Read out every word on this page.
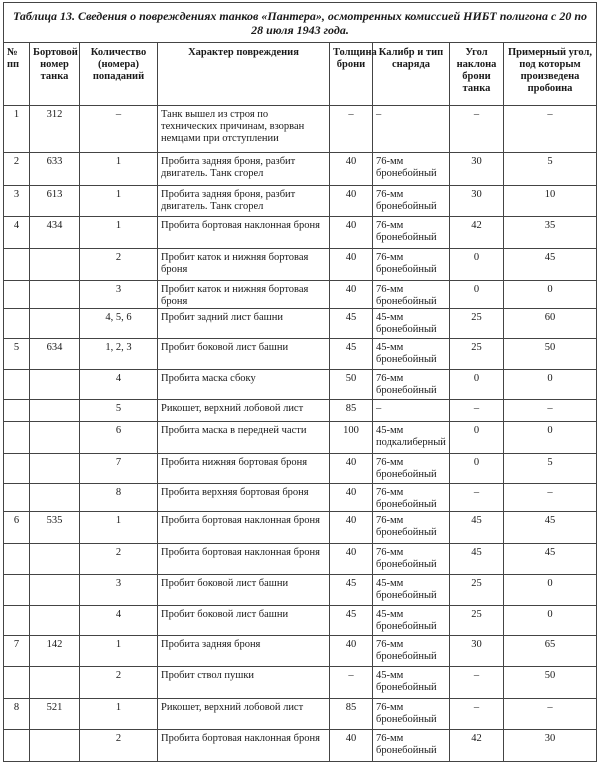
Таблица 13. Сведения о повреждениях танков «Пантера», осмотренных комиссией НИБТ полигона с 20 по 28 июля 1943 года.							
№ пп	Бортовой номер танка	Количество (номера) попаданий	Характер повреждения	Толщина брони	Калибр и тип снаряда	Угол наклона брони танка	Примерный угол, под которым произведена пробоина
1	312	–	Танк вышел из строя по технических причинам, взорван немцами при отступлении	–	–	–	–
2	633	1	Пробита задняя броня, разбит двигатель. Танк сгорел	40	76-мм бронебойный	30	5
3	613	1	Пробита задняя броня, разбит двигатель. Танк сгорел	40	76-мм бронебойный	30	10
4	434	1	Пробита бортовая наклонная броня	40	76-мм бронебойный	42	35
		2	Пробит каток и нижняя бортовая броня	40	76-мм бронебойный	0	45
		3	Пробит каток и нижняя бортовая броня	40	76-мм бронебойный	0	0
		4, 5, 6	Пробит задний лист башни	45	45-мм бронебойный	25	60
5	634	1, 2, 3	Пробит боковой лист башни	45	45-мм бронебойный	25	50
		4	Пробита маска сбоку	50	76-мм бронебойный	0	0
		5	Рикошет, верхний лобовой лист	85	–	–	–
		6	Пробита маска в передней части	100	45-мм подкалиберный	0	0
		7	Пробита нижняя бортовая броня	40	76-мм бронебойный	0	5
		8	Пробита верхняя бортовая броня	40	76-мм бронебойный	–	–
6	535	1	Пробита бортовая наклонная броня	40	76-мм бронебойный	45	45
		2	Пробита бортовая наклонная броня	40	76-мм бронебойный	45	45
		3	Пробит боковой лист башни	45	45-мм бронебойный	25	0
		4	Пробит боковой лист башни	45	45-мм бронебойный	25	0
7	142	1	Пробита задняя броня	40	76-мм бронебойный	30	65
		2	Пробит ствол пушки	–	45-мм бронебойный	–	50
8	521	1	Рикошет, верхний лобовой лист	85	76-мм бронебойный	–	–
		2	Пробита бортовая наклонная броня	40	76-мм бронебойный	42	30
